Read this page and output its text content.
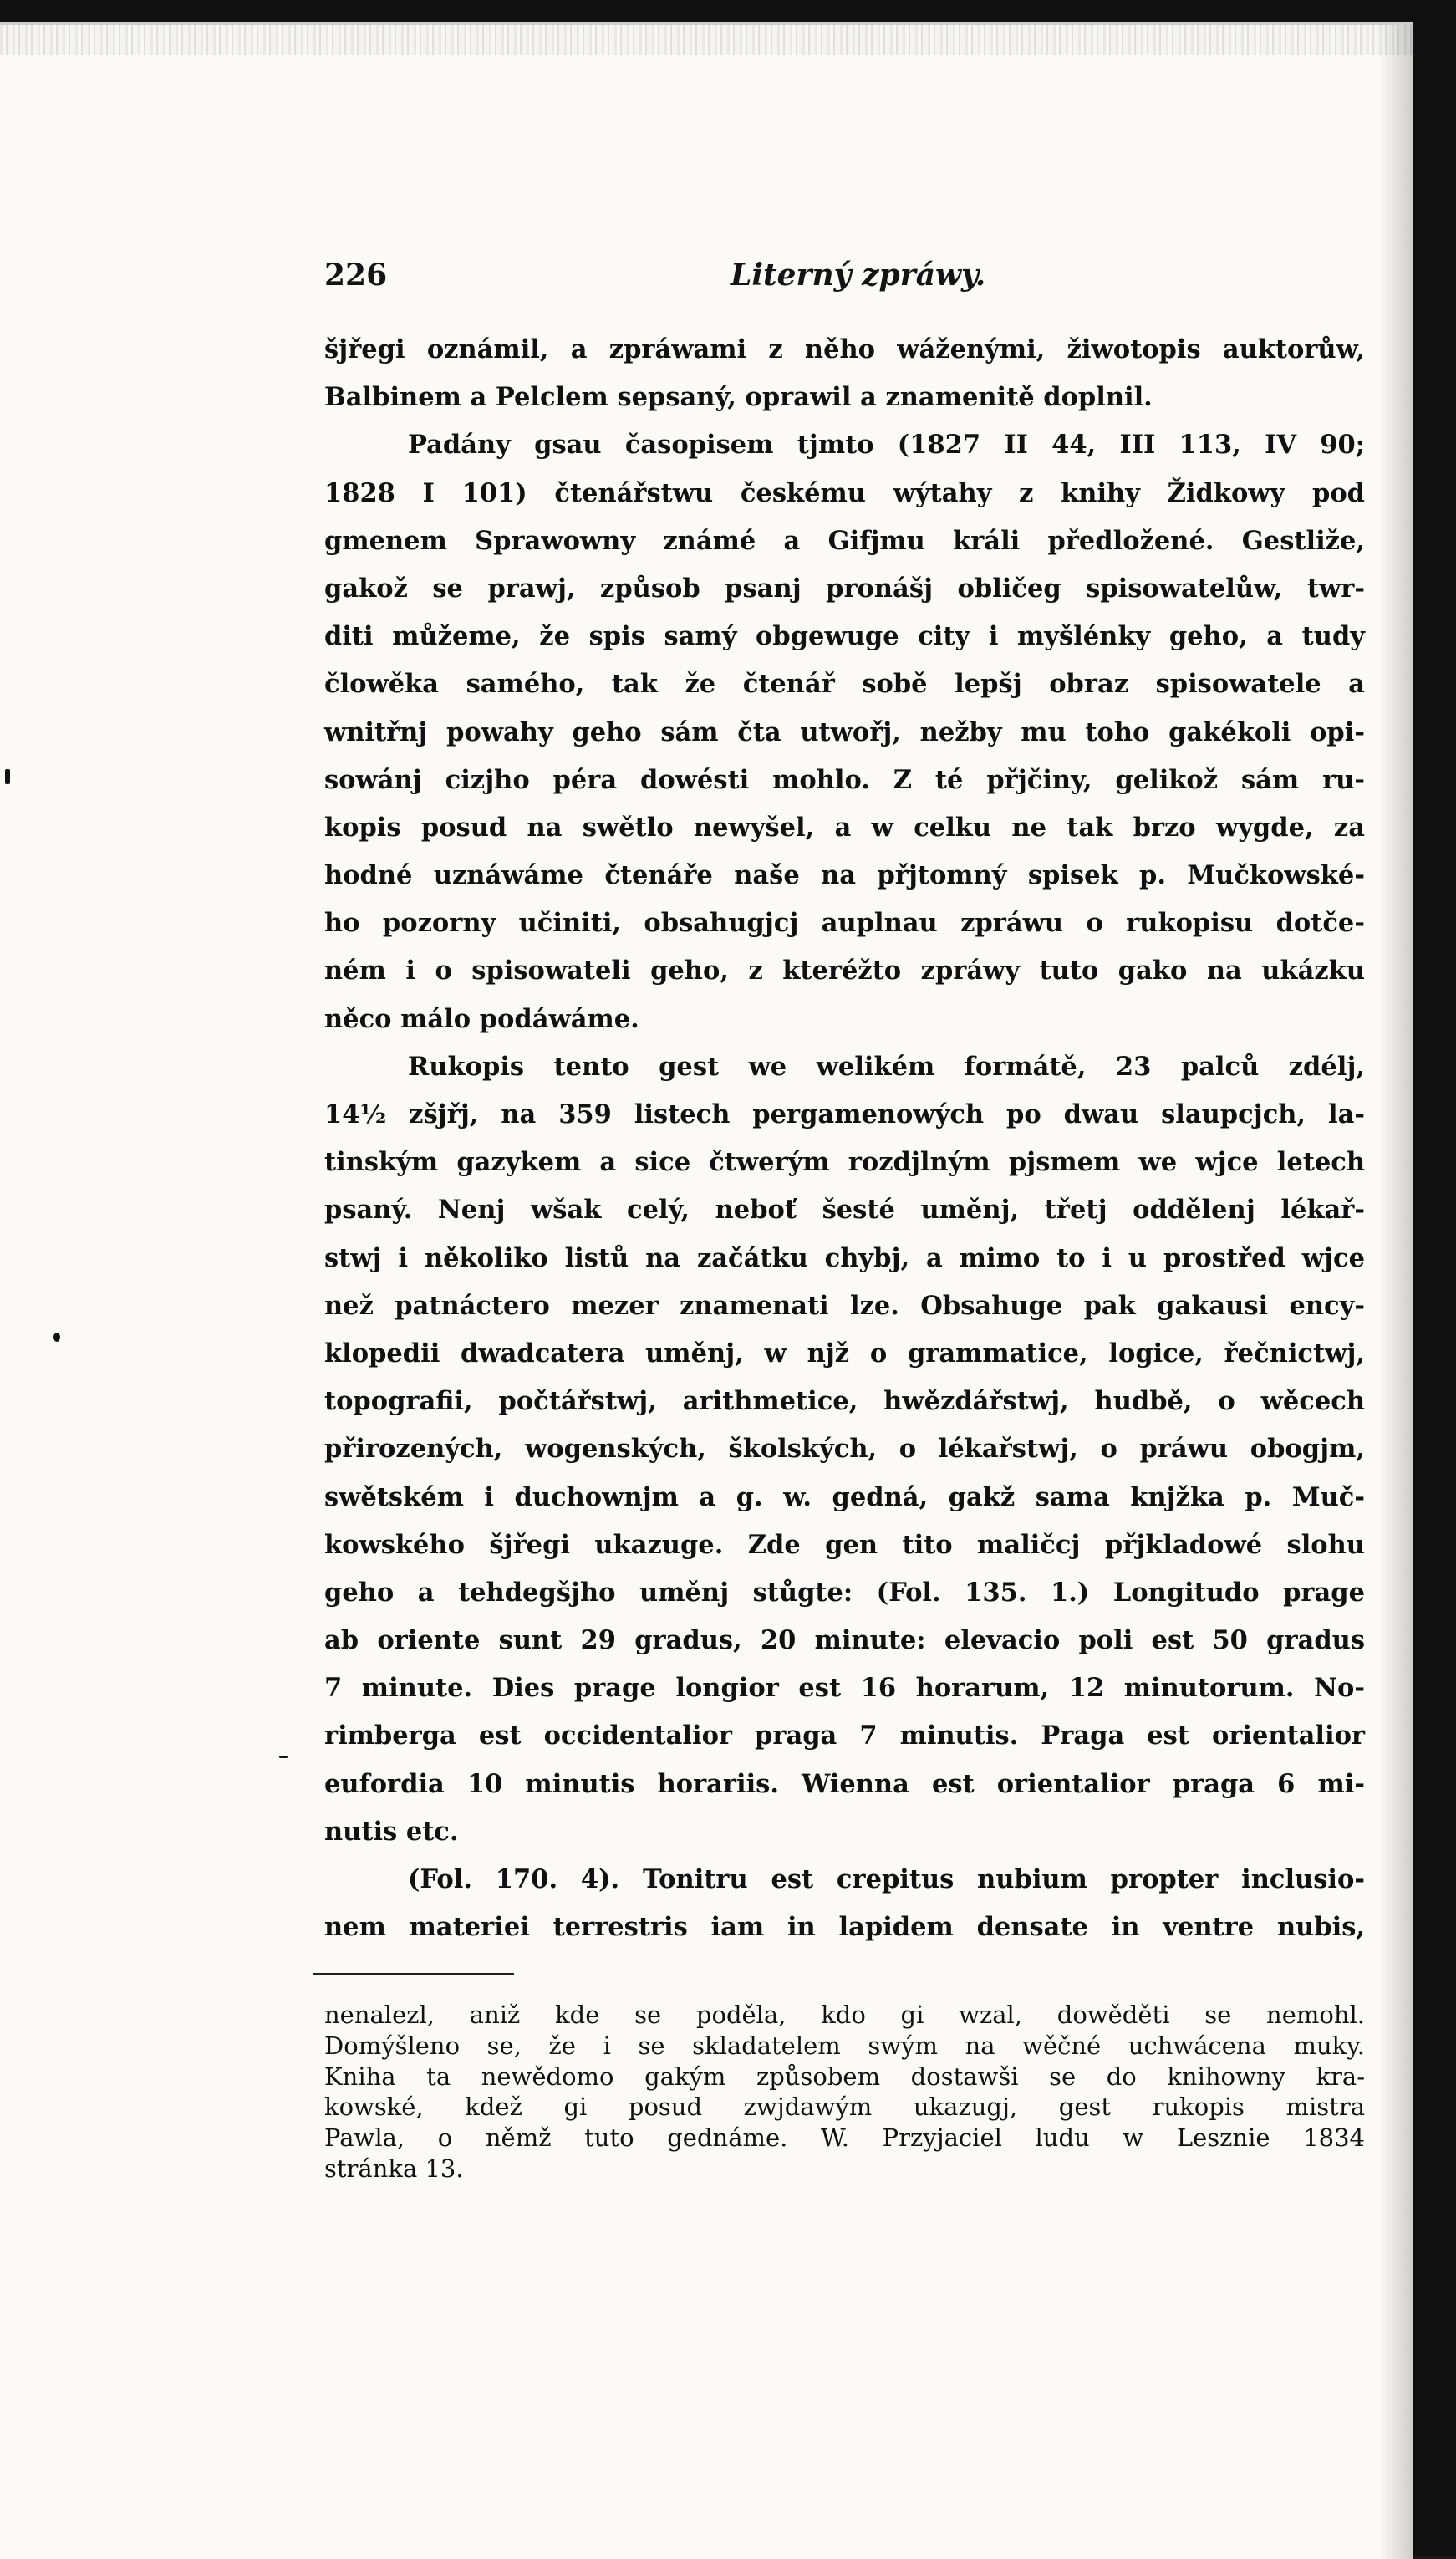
226	Literný zpráwy.
šjřegi oznámil, a zpráwami z něho wáženými, žiwotopis auktorůw,
Balbinem a Pelclem sepsaný, oprawil a znamenitě doplnil.
Padány gsau časopisem tjmto (1827 II 44, III 113, IV 90;
1828 I 101) čtenářstwu českému wýtahy z knihy Židkowy pod
gmenem Sprawowny známé a Gifjmu králi předložené. Gestliže,
gakož se prawj, způsob psanj pronášj obličeg spisowatelůw, twr-
diti můžeme, že spis samý obgewuge city i myšlénky geho, a tudy
člowěka samého, tak že čtenář sobě lepšj obraz spisowatele a
wnitřnj powahy geho sám čta utwořj, nežby mu toho gakékoli opi-
sowánj cizjho péra dowésti mohlo. Z té přjčiny, gelikož sám ru-
kopis posud na swětlo newyšel, a w celku ne tak brzo wygde, za
hodné uznáwáme čtenáře naše na přjtomný spisek p. Mučkowské-
ho pozorny učiniti, obsahugjcj auplnau zpráwu o rukopisu dotče-
ném i o spisowateli geho, z kteréžto zpráwy tuto gako na ukázku
něco málo podáwáme.
Rukopis tento gest we welikém formátě, 23 palců zdélj,
14½ zšjřj, na 359 listech pergamenowých po dwau slaupcjch, la-
tinským gazykem a sice čtwerým rozdjlným pjsmem we wjce letech
psaný. Nenj wšak celý, neboť šesté uměnj, třetj oddělenj lékař-
stwj i několiko listů na začátku chybj, a mimo to i u prostřed wjce
než patnáctero mezer znamenati lze. Obsahuge pak gakausi ency-
klopedii dwadcatera uměnj, w njž o grammatice, logice, řečnictwj,
topografii, počtářstwj, arithmetice, hwězdářstwj, hudbě, o wěcech
přirozených, wogenských, školských, o lékařstwj, o práwu obogjm,
swětském i duchownjm a g. w. gedná, gakž sama knjžka p. Muč-
kowského šjřegi ukazuge. Zde gen tito maličcj přjkladowé slohu
geho a tehdegšjho uměnj stůgte: (Fol. 135. 1.) Longitudo prage
ab oriente sunt 29 gradus, 20 minute: elevacio poli est 50 gradus
7 minute. Dies prage longior est 16 horarum, 12 minutorum. No-
rimberga est occidentalior praga 7 minutis. Praga est orientalior
eufordia 10 minutis horariis. Wienna est orientalior praga 6 mi-
nutis etc.
(Fol. 170. 4). Tonitru est crepitus nubium propter inclusio-
nem materiei terrestris iam in lapidem densate in ventre nubis,
nenalezl, aniž kde se poděla, kdo gi wzal, dowěděti se nemohl.
Domýšleno se, že i se skladatelem swým na wěčné uchwácena muky.
Kniha ta newědomo gakým způsobem dostawši se do knihowny kra-
kowské, kdež gi posud zwjdawým ukazugj, gest rukopis mistra
Pawla, o němž tuto gednáme. W. Przyjaciel ludu w Lesznie 1834
stránka 13.
